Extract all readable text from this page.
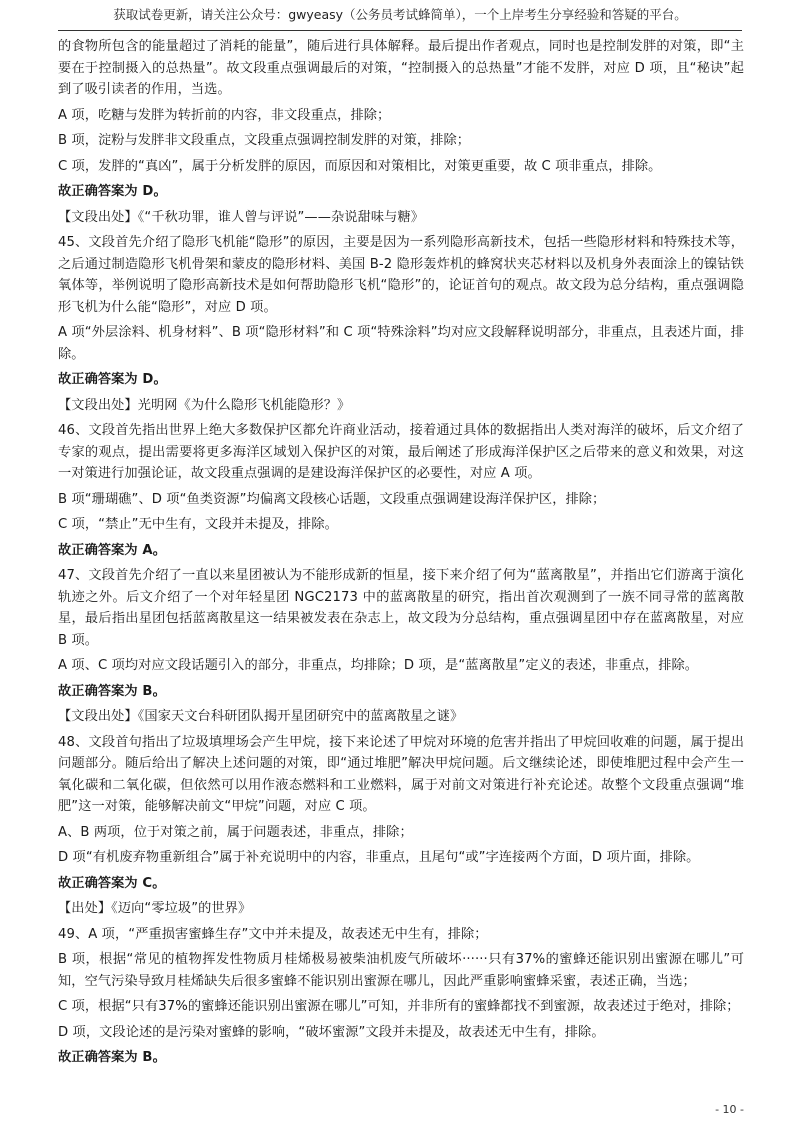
获取试卷更新，请关注公众号：gwyeasy（公务员考试蜂简单），一个上岸考生分享经验和答疑的平台。

的食物所包含的能量超过了消耗的能量”，随后进行具体解释。最后提出作者观点，同时也是控制发胖的对策，即“主要在于控制摄入的总热量”。故文段重点强调最后的对策，“控制摄入的总热量”才能不发胖，对应 D 项，且“秘诀”起到了吸引读者的作用，当选。

A 项，吃糖与发胖为转折前的内容，非文段重点，排除；

B 项，淀粉与发胖非文段重点，文段重点强调控制发胖的对策，排除；

C 项，发胖的“真凶”，属于分析发胖的原因，而原因和对策相比，对策更重要，故 C 项非重点，排除。

故正确答案为 D。

【文段出处】《“千秋功罪，谁人曾与评说”——杂说甜味与糖》

45、文段首先介绍了隐形飞机能“隐形”的原因，主要是因为一系列隐形高新技术，包括一些隐形材料和特殊技术等，之后通过制造隐形飞机骨架和蒙皮的隐形材料、美国 B-2 隐形轰炸机的蜂窝状夹芯材料以及机身外表面涂上的镍钴铁氧体等，举例说明了隐形高新技术是如何帮助隐形飞机“隐形”的，论证首句的观点。故文段为总分结构，重点强调隐形飞机为什么能“隐形”，对应 D 项。

A 项“外层涂料、机身材料”、B 项“隐形材料”和 C 项“特殊涂料”均对应文段解释说明部分，非重点，且表述片面，排除。

故正确答案为 D。

【文段出处】光明网《为什么隐形飞机能隐形？》

46、文段首先指出世界上绝大多数保护区都允许商业活动，接着通过具体的数据指出人类对海洋的破坏，后文介绍了专家的观点，提出需要将更多海洋区域划入保护区的对策，最后阐述了形成海洋保护区之后带来的意义和效果，对这一对策进行加强论证，故文段重点强调的是建设海洋保护区的必要性，对应 A 项。

B 项“珊瑚礁”、D 项“鱼类资源”均偏离文段核心话题，文段重点强调建设海洋保护区，排除；

C 项，“禁止”无中生有，文段并未提及，排除。

故正确答案为 A。

47、文段首先介绍了一直以来星团被认为不能形成新的恒星，接下来介绍了何为“蓝离散星”，并指出它们游离于演化轨迹之外。后文介绍了一个对年轻星团 NGC2173 中的蓝离散星的研究，指出首次观测到了一族不同寻常的蓝离散星，最后指出星团包括蓝离散星这一结果被发表在杂志上，故文段为分总结构，重点强调星团中存在蓝离散星，对应 B 项。

A 项、C 项均对应文段话题引入的部分，非重点，均排除；D 项，是“蓝离散星”定义的表述，非重点，排除。

故正确答案为 B。

【文段出处】《国家天文台科研团队揭开星团研究中的蓝离散星之谜》

48、文段首句指出了垃圾填埋场会产生甲烷，接下来论述了甲烷对环境的危害并指出了甲烷回收难的问题，属于提出问题部分。随后给出了解决上述问题的对策，即“通过堆肥”解决甲烷问题。后文继续论述，即使堆肥过程中会产生一氧化碳和二氧化碳，但依然可以用作液态燃料和工业燃料，属于对前文对策进行补充论述。故整个文段重点强调“堆肥”这一对策，能够解决前文“甲烷”问题，对应 C 项。

A、B 两项，位于对策之前，属于问题表述，非重点，排除；

D 项“有机废弃物重新组合”属于补充说明中的内容，非重点，且尾句“或”字连接两个方面，D 项片面，排除。

故正确答案为 C。

【出处】《迈向“零垃圾”的世界》

49、A 项，“严重损害蜜蜂生存”文中并未提及，故表述无中生有，排除；

B 项，根据“常见的植物挥发性物质月桂烯极易被柴油机废气所破坏······只有37%的蜜蜂还能识别出蜜源在哪儿”可知，空气污染导致月桂烯缺失后很多蜜蜂不能识别出蜜源在哪儿，因此严重影响蜜蜂采蜜，表述正确，当选；

C 项，根据“只有37%的蜜蜂还能识别出蜜源在哪儿”可知，并非所有的蜜蜂都找不到蜜源，故表述过于绝对，排除；

D 项，文段论述的是污染对蜜蜂的影响，“破坏蜜源”文段并未提及，故表述无中生有，排除。

故正确答案为 B。

- 10 -
